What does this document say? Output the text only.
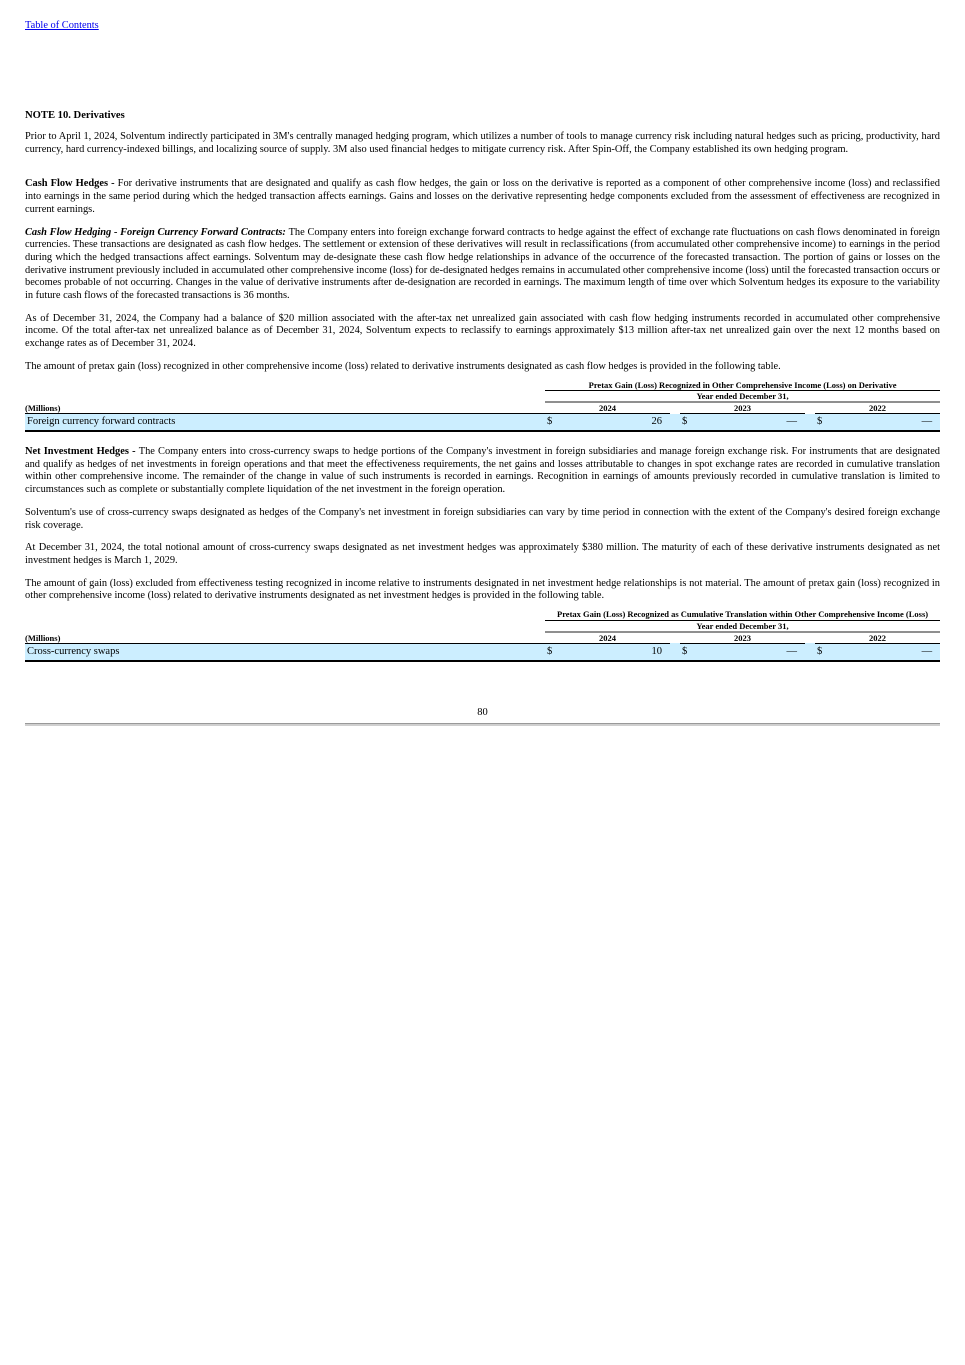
Table of Contents
NOTE 10. Derivatives

Prior to April 1, 2024, Solventum indirectly participated in 3M's centrally managed hedging program, which utilizes a number of tools to manage currency risk including natural hedges such as pricing, productivity, hard currency, hard currency-indexed billings, and localizing source of supply. 3M also used financial hedges to mitigate currency risk. After Spin-Off, the Company established its own hedging program.

Cash Flow Hedges - For derivative instruments that are designated and qualify as cash flow hedges, the gain or loss on the derivative is reported as a component of other comprehensive income (loss) and reclassified into earnings in the same period during which the hedged transaction affects earnings. Gains and losses on the derivative representing hedge components excluded from the assessment of effectiveness are recognized in current earnings.

Cash Flow Hedging - Foreign Currency Forward Contracts: The Company enters into foreign exchange forward contracts to hedge against the effect of exchange rate fluctuations on cash flows denominated in foreign currencies. These transactions are designated as cash flow hedges. The settlement or extension of these derivatives will result in reclassifications (from accumulated other comprehensive income) to earnings in the period during which the hedged transactions affect earnings. Solventum may de-designate these cash flow hedge relationships in advance of the occurrence of the forecasted transaction. The portion of gains or losses on the derivative instrument previously included in accumulated other comprehensive income (loss) for de-designated hedges remains in accumulated other comprehensive income (loss) until the forecasted transaction occurs or becomes probable of not occurring. Changes in the value of derivative instruments after de-designation are recorded in earnings. The maximum length of time over which Solventum hedges its exposure to the variability in future cash flows of the forecasted transactions is 36 months.

As of December 31, 2024, the Company had a balance of $20 million associated with the after-tax net unrealized gain associated with cash flow hedging instruments recorded in accumulated other comprehensive income. Of the total after-tax net unrealized balance as of December 31, 2024, Solventum expects to reclassify to earnings approximately $13 million after-tax net unrealized gain over the next 12 months based on exchange rates as of December 31, 2024.

The amount of pretax gain (loss) recognized in other comprehensive income (loss) related to derivative instruments designated as cash flow hedges is provided in the following table.

	Pretax Gain (Loss) Recognized in Other Comprehensive Income (Loss) on Derivative							
	Year ended December 31,							
(Millions)	2024			2023			2022	
Foreign currency forward contracts	$	26		$	—		$	—

Net Investment Hedges - The Company enters into cross-currency swaps to hedge portions of the Company's investment in foreign subsidiaries and manage foreign exchange risk. For instruments that are designated and qualify as hedges of net investments in foreign operations and that meet the effectiveness requirements, the net gains and losses attributable to changes in spot exchange rates are recorded in cumulative translation within other comprehensive income. The remainder of the change in value of such instruments is recorded in earnings. Recognition in earnings of amounts previously recorded in cumulative translation is limited to circumstances such as complete or substantially complete liquidation of the net investment in the foreign operation.

Solventum's use of cross-currency swaps designated as hedges of the Company's net investment in foreign subsidiaries can vary by time period in connection with the extent of the Company's desired foreign exchange risk coverage.

At December 31, 2024, the total notional amount of cross-currency swaps designated as net investment hedges was approximately $380 million. The maturity of each of these derivative instruments designated as net investment hedges is March 1, 2029.

The amount of gain (loss) excluded from effectiveness testing recognized in income relative to instruments designated in net investment hedge relationships is not material. The amount of pretax gain (loss) recognized in other comprehensive income (loss) related to derivative instruments designated as net investment hedges is provided in the following table.

	Pretax Gain (Loss) Recognized as Cumulative Translation within Other Comprehensive Income (Loss)							
	Year ended December 31,							
(Millions)	2024			2023			2022	
Cross-currency swaps	$	10		$	—		$	—
80
